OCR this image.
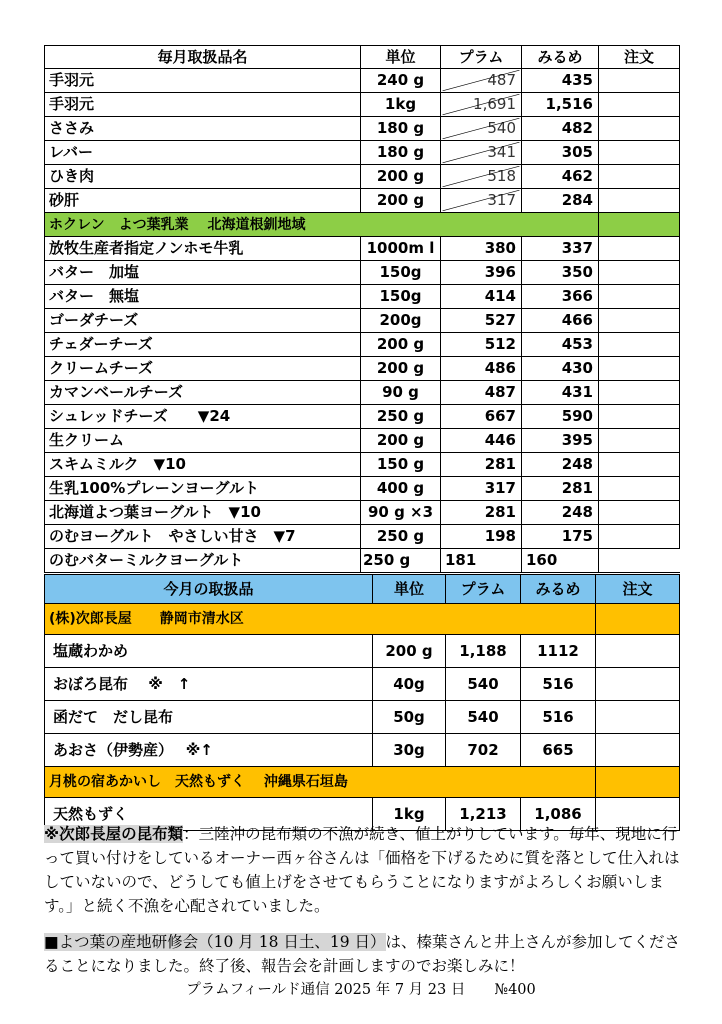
毎月取扱品名	単位	プラム	みるめ	注文
手羽元	240 g	487	435	
手羽元	1kg	1,691	1,516	
ささみ	180 g	540	482	
レバー	180 g	341	305	
ひき肉	200 g	518	462	
砂肝	200 g	317	284	
ホクレン　よつ葉乳業　 北海道根釧地域				
放牧生産者指定ノンホモ牛乳	1000m l	380	337	
バター　加塩	150g	396	350	
バター　無塩	150g	414	366	
ゴーダチーズ	200g	527	466	
チェダーチーズ	200 g	512	453	
クリームチーズ	200 g	486	430	
カマンベールチーズ	90 g	487	431	
シュレッドチーズ　　▼24	250 g	667	590	
生クリーム	200 g	446	395	
スキムミルク　▼10	150 g	281	248	
生乳100%プレーンヨーグルト	400 g	317	281	
北海道よつ葉ヨーグルト　▼10	90 g ×3	281	248	
のむヨーグルト　やさしい甘さ　▼7	250 g	198	175	
のむバターミルクヨーグルト	250 g	181	160	
今月の取扱品	単位	プラム	みるめ	注文
(株)次郎長屋　　静岡市清水区				
塩蔵わかめ	200 g	1,188	1112	
おぼろ昆布　 ※　↑	40g	540	516	
函だて　だし昆布	50g	540	516	
あおさ（伊勢産）　 ※↑	30g	702	665	
月桃の宿あかいし　天然もずく　 沖縄県石垣島				
天然もずく	1kg	1,213	1,086	
※次郎長屋の昆布類：三陸沖の昆布類の不漁が続き、値上がりしています。毎年、現地に行って買い付けをしているオーナー西ヶ谷さんは「価格を下げるために質を落として仕入れはしていないので、どうしても値上げをさせてもらうことになりますがよろしくお願いします。」と続く不漁を心配されていました。
■よつ葉の産地研修会（10 月 18 日土、19 日）は、榛葉さんと井上さんが参加してくださることになりました。終了後、報告会を計画しますのでお楽しみに！
プラムフィールド通信 2025 年 7 月 23 日　　№400
